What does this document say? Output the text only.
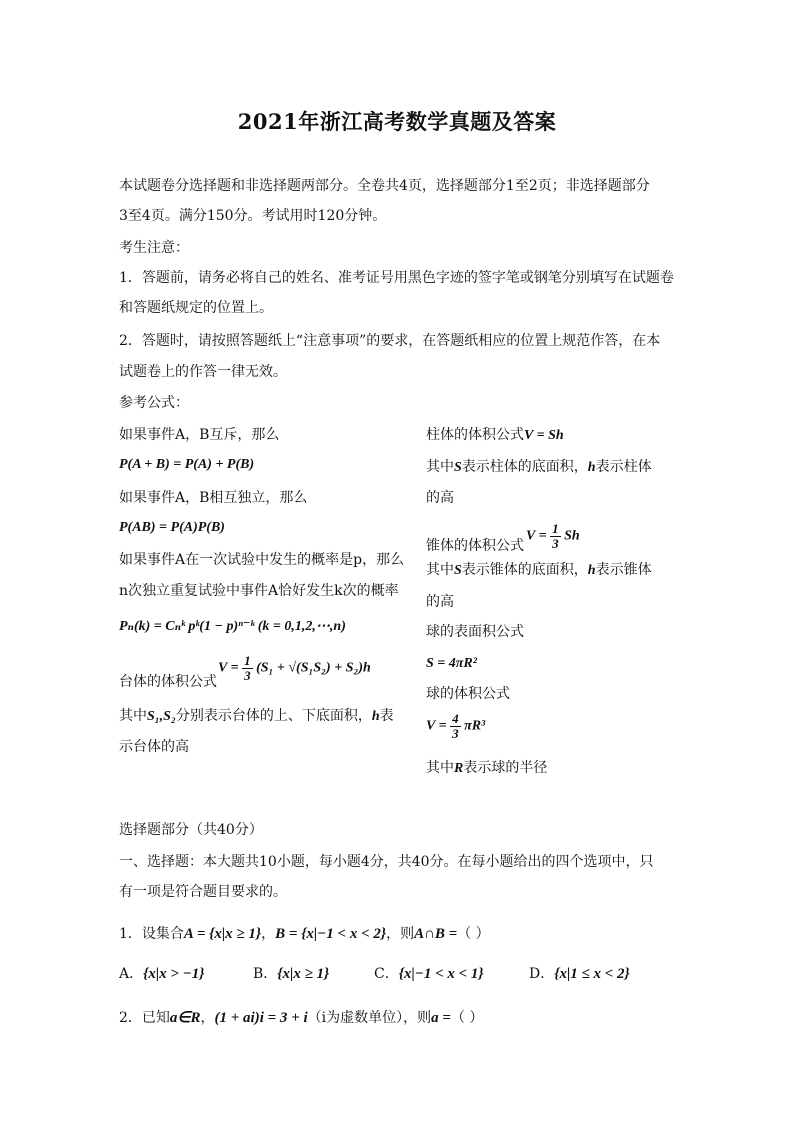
2021年浙江高考数学真题及答案
本试题卷分选择题和非选择题两部分。全卷共4页，选择题部分1至2页；非选择题部分
3至4页。满分150分。考试用时120分钟。
考生注意：
1．答题前，请务必将自己的姓名、准考证号用黑色字迹的签字笔或钢笔分别填写在试题卷
和答题纸规定的位置上。
2．答题时，请按照答题纸上“注意事项”的要求，在答题纸相应的位置上规范作答，在本
试题卷上的作答一律无效。
参考公式：
如果事件A，B互斥，那么
P(A + B) = P(A) + P(B)
如果事件A，B相互独立，那么
P(AB) = P(A)P(B)
如果事件A在一次试验中发生的概率是p，那么
n次独立重复试验中事件A恰好发生k次的概率
Pₙ(k) = Cₙᵏ pᵏ(1 − p)ⁿ⁻ᵏ (k = 0,1,2,⋯,n)
台体的体积公式
$V = \frac{1}{3} (S_1 + √(S_1S_2) + S_2)h$
其中S₁,S₂分别表示台体的上、下底面积，h表
示台体的高
柱体的体积公式V = Sh
其中S表示柱体的底面积，h表示柱体
的高
锥体的体积公式
$V = \frac{1}{3}$ Sh
其中S表示锥体的底面积，h表示锥体
的高
球的表面积公式
S = 4πR²
球的体积公式
$V = \frac{4}{3} \pi R^3$
其中R表示球的半径
选择题部分（共40分）
一、选择题：本大题共10小题，每小题4分，共40分。在每小题给出的四个选项中，只
有一项是符合题目要求的。
1．设集合A = {x|x ≥ 1}，B = {x|−1 < x < 2}，则A∩B =（ ）
A．{x|x > −1}	B．{x|x ≥ 1}	C．{x|−1 < x < 1}	D．{x|1 ≤ x < 2}
2．已知a∈R，(1 + ai)i = 3 + i（i为虚数单位），则a =（ ）
